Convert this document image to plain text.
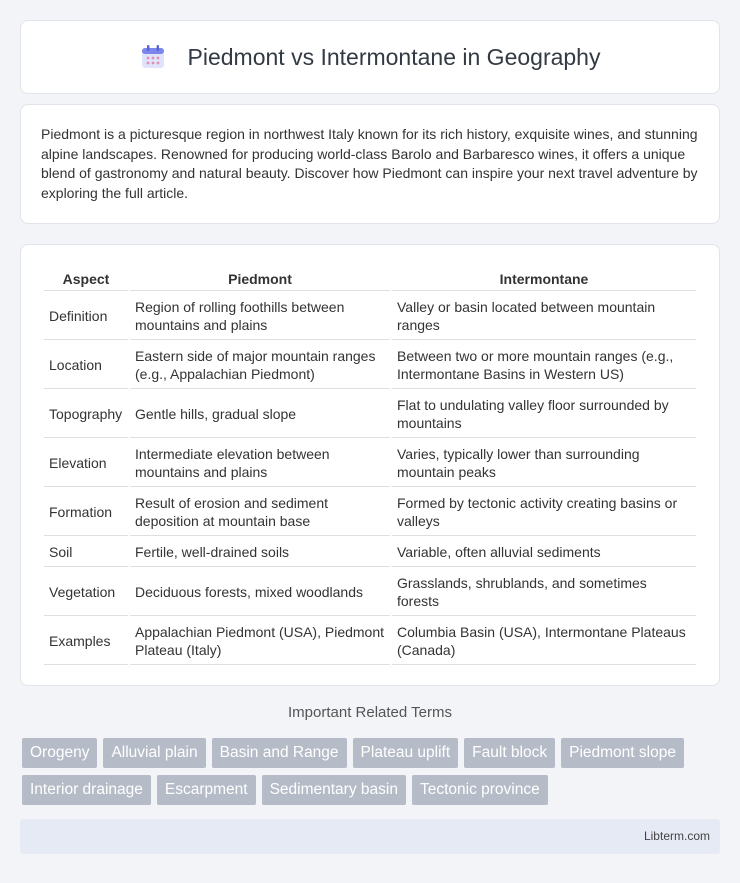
Piedmont vs Intermontane in Geography

Piedmont is a picturesque region in northwest Italy known for its rich history, exquisite wines, and stunning alpine landscapes. Renowned for producing world-class Barolo and Barbaresco wines, it offers a unique blend of gastronomy and natural beauty. Discover how Piedmont can inspire your next travel adventure by exploring the full article.

Aspect	Piedmont	Intermontane
Definition	Region of rolling foothills between mountains and plains	Valley or basin located between mountain ranges
Location	Eastern side of major mountain ranges (e.g., Appalachian Piedmont)	Between two or more mountain ranges (e.g., Intermontane Basins in Western US)
Topography	Gentle hills, gradual slope	Flat to undulating valley floor surrounded by mountains
Elevation	Intermediate elevation between mountains and plains	Varies, typically lower than surrounding mountain peaks
Formation	Result of erosion and sediment deposition at mountain base	Formed by tectonic activity creating basins or valleys
Soil	Fertile, well-drained soils	Variable, often alluvial sediments
Vegetation	Deciduous forests, mixed woodlands	Grasslands, shrublands, and sometimes forests
Examples	Appalachian Piedmont (USA), Piedmont Plateau (Italy)	Columbia Basin (USA), Intermontane Plateaus (Canada)
Important Related Terms
Orogeny	Alluvial plain	Basin and Range	Plateau uplift	Fault block	Piedmont slope
Interior drainage	Escarpment	Sedimentary basin	Tectonic province
Libterm.com
